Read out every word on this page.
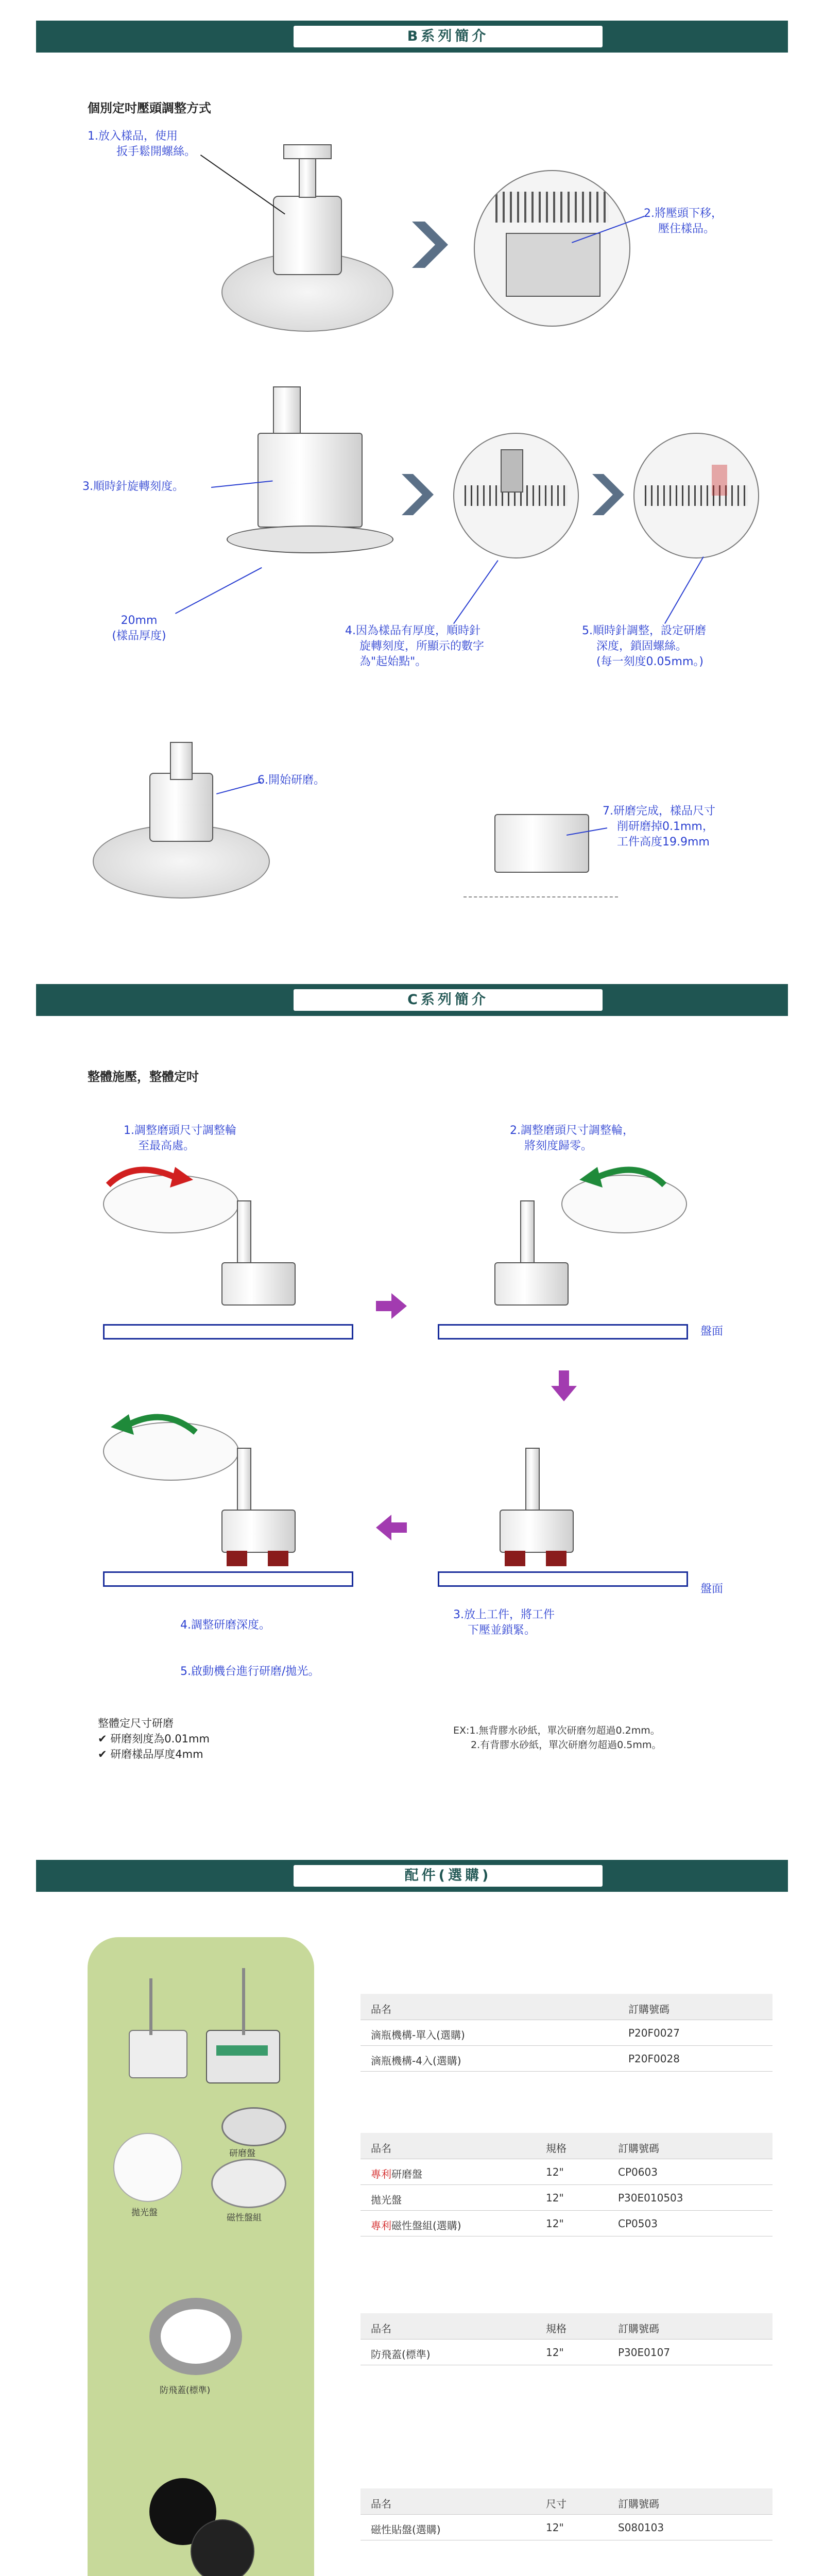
B系列簡介
個別定吋壓頭調整方式
1.放入樣品，使用
扳手鬆開螺絲。
2.將壓頭下移，
壓住樣品。
3.順時針旋轉刻度。
20mm
(樣品厚度)	4.因為樣品有厚度，順時針
旋轉刻度，所顯示的數字
為"起始點"。
5.順時針調整，設定研磨
深度，鎖固螺絲。
(每一刻度0.05mm。)
6.開始研磨。
7.研磨完成，樣品尺寸
削研磨掉0.1mm，
工件高度19.9mm
C系列簡介
整體施壓，整體定吋
1.調整磨頭尺寸調整輪
至最高處。
2.調整磨頭尺寸調整輪，
將刻度歸零。
盤面
盤面
4.調整研磨深度。
3.放上工件，將工件
下壓並鎖緊。
5.啟動機台進行研磨/拋光。
整體定尺寸研磨
✔ 研磨刻度為0.01mm
✔ 研磨樣品厚度4mm
EX:1.無背膠水砂紙，單次研磨勿超過0.2mm。
2.有背膠水砂紙，單次研磨勿超過0.5mm。
配件(選購)
研磨盤
拋光盤	磁性盤組
防飛蓋(標準)
品名	訂購號碼
滴瓶機構-單入(選購)	P20F0027
滴瓶機構-4入(選購)	P20F0028
品名	規格	訂購號碼
專利研磨盤	12"	CP0603
拋光盤	12"	P30E010503
專利磁性盤組(選購)	12"	CP0503
品名	規格	訂購號碼
防飛蓋(標準)	12"	P30E0107
品名	尺寸	訂購號碼
磁性貼盤(選購)	12"	S080103
